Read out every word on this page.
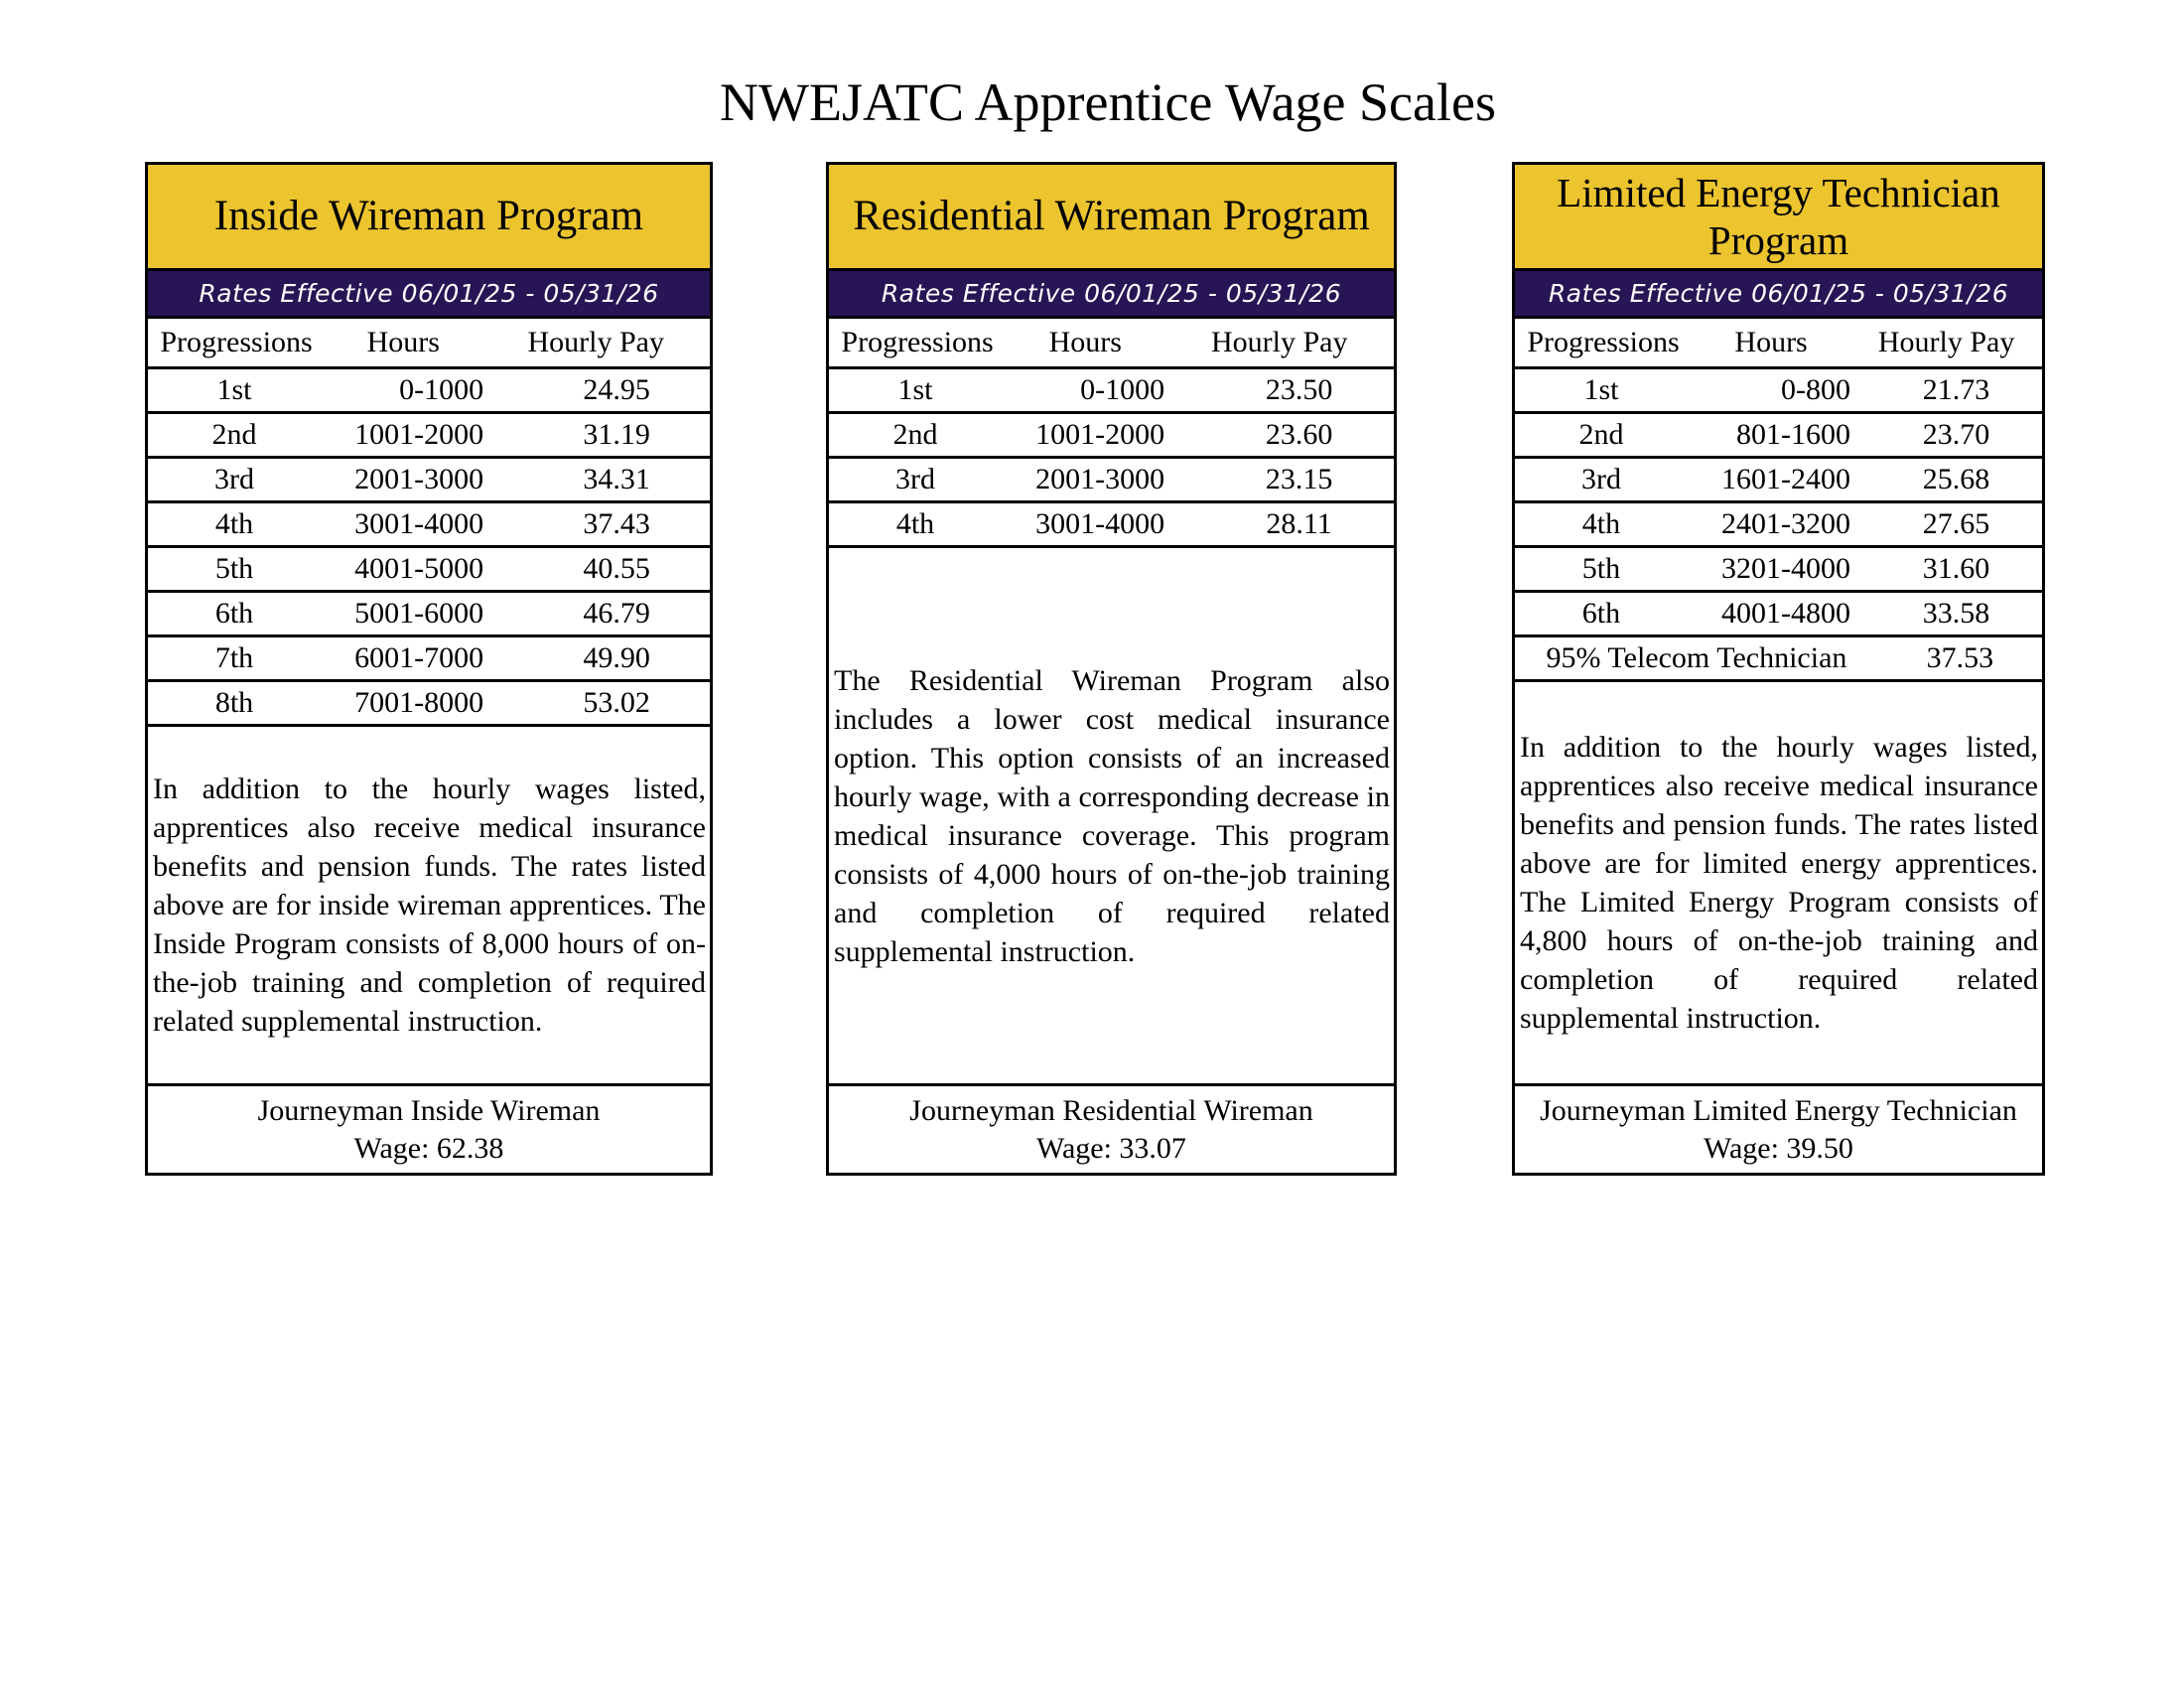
NWEJATC Apprentice Wage Scales
Inside Wireman Program
Rates Effective 06/01/25 - 05/31/26
Progressions	Hours	Hourly Pay
1st	0-1000	24.95
2nd	1001-2000	31.19
3rd	2001-3000	34.31
4th	3001-4000	37.43
5th	4001-5000	40.55
6th	5001-6000	46.79
7th	6001-7000	49.90
8th	7001-8000	53.02

In addition to the hourly wages listed, apprentices also receive medical insurance benefits and pension funds. The rates listed above are for inside wireman apprentices. The Inside Program consists of 8,000 hours of on-the-job training and completion of required related supplemental instruction.

Journeyman Inside Wireman
Wage: 62.38
Residential Wireman Program
Rates Effective 06/01/25 - 05/31/26
Progressions	Hours	Hourly Pay
1st	0-1000	23.50
2nd	1001-2000	23.60
3rd	2001-3000	23.15
4th	3001-4000	28.11

The Residential Wireman Program also includes a lower cost medical insurance option. This option consists of an increased hourly wage, with a corresponding decrease in medical insurance coverage. This program consists of 4,000 hours of on-the-job training and completion of required related supplemental instruction.

Journeyman Residential Wireman
Wage: 33.07
Limited Energy Technician Program
Rates Effective 06/01/25 - 05/31/26
Progressions	Hours	Hourly Pay
1st	0-800	21.73
2nd	801-1600	23.70
3rd	1601-2400	25.68
4th	2401-3200	27.65
5th	3201-4000	31.60
6th	4001-4800	33.58
95% Telecom Technician	37.53

In addition to the hourly wages listed, apprentices also receive medical insurance benefits and pension funds. The rates listed above are for limited energy apprentices. The Limited Energy Program consists of 4,800 hours of on-the-job training and completion of required related supplemental instruction.

Journeyman Limited Energy Technician
Wage: 39.50
